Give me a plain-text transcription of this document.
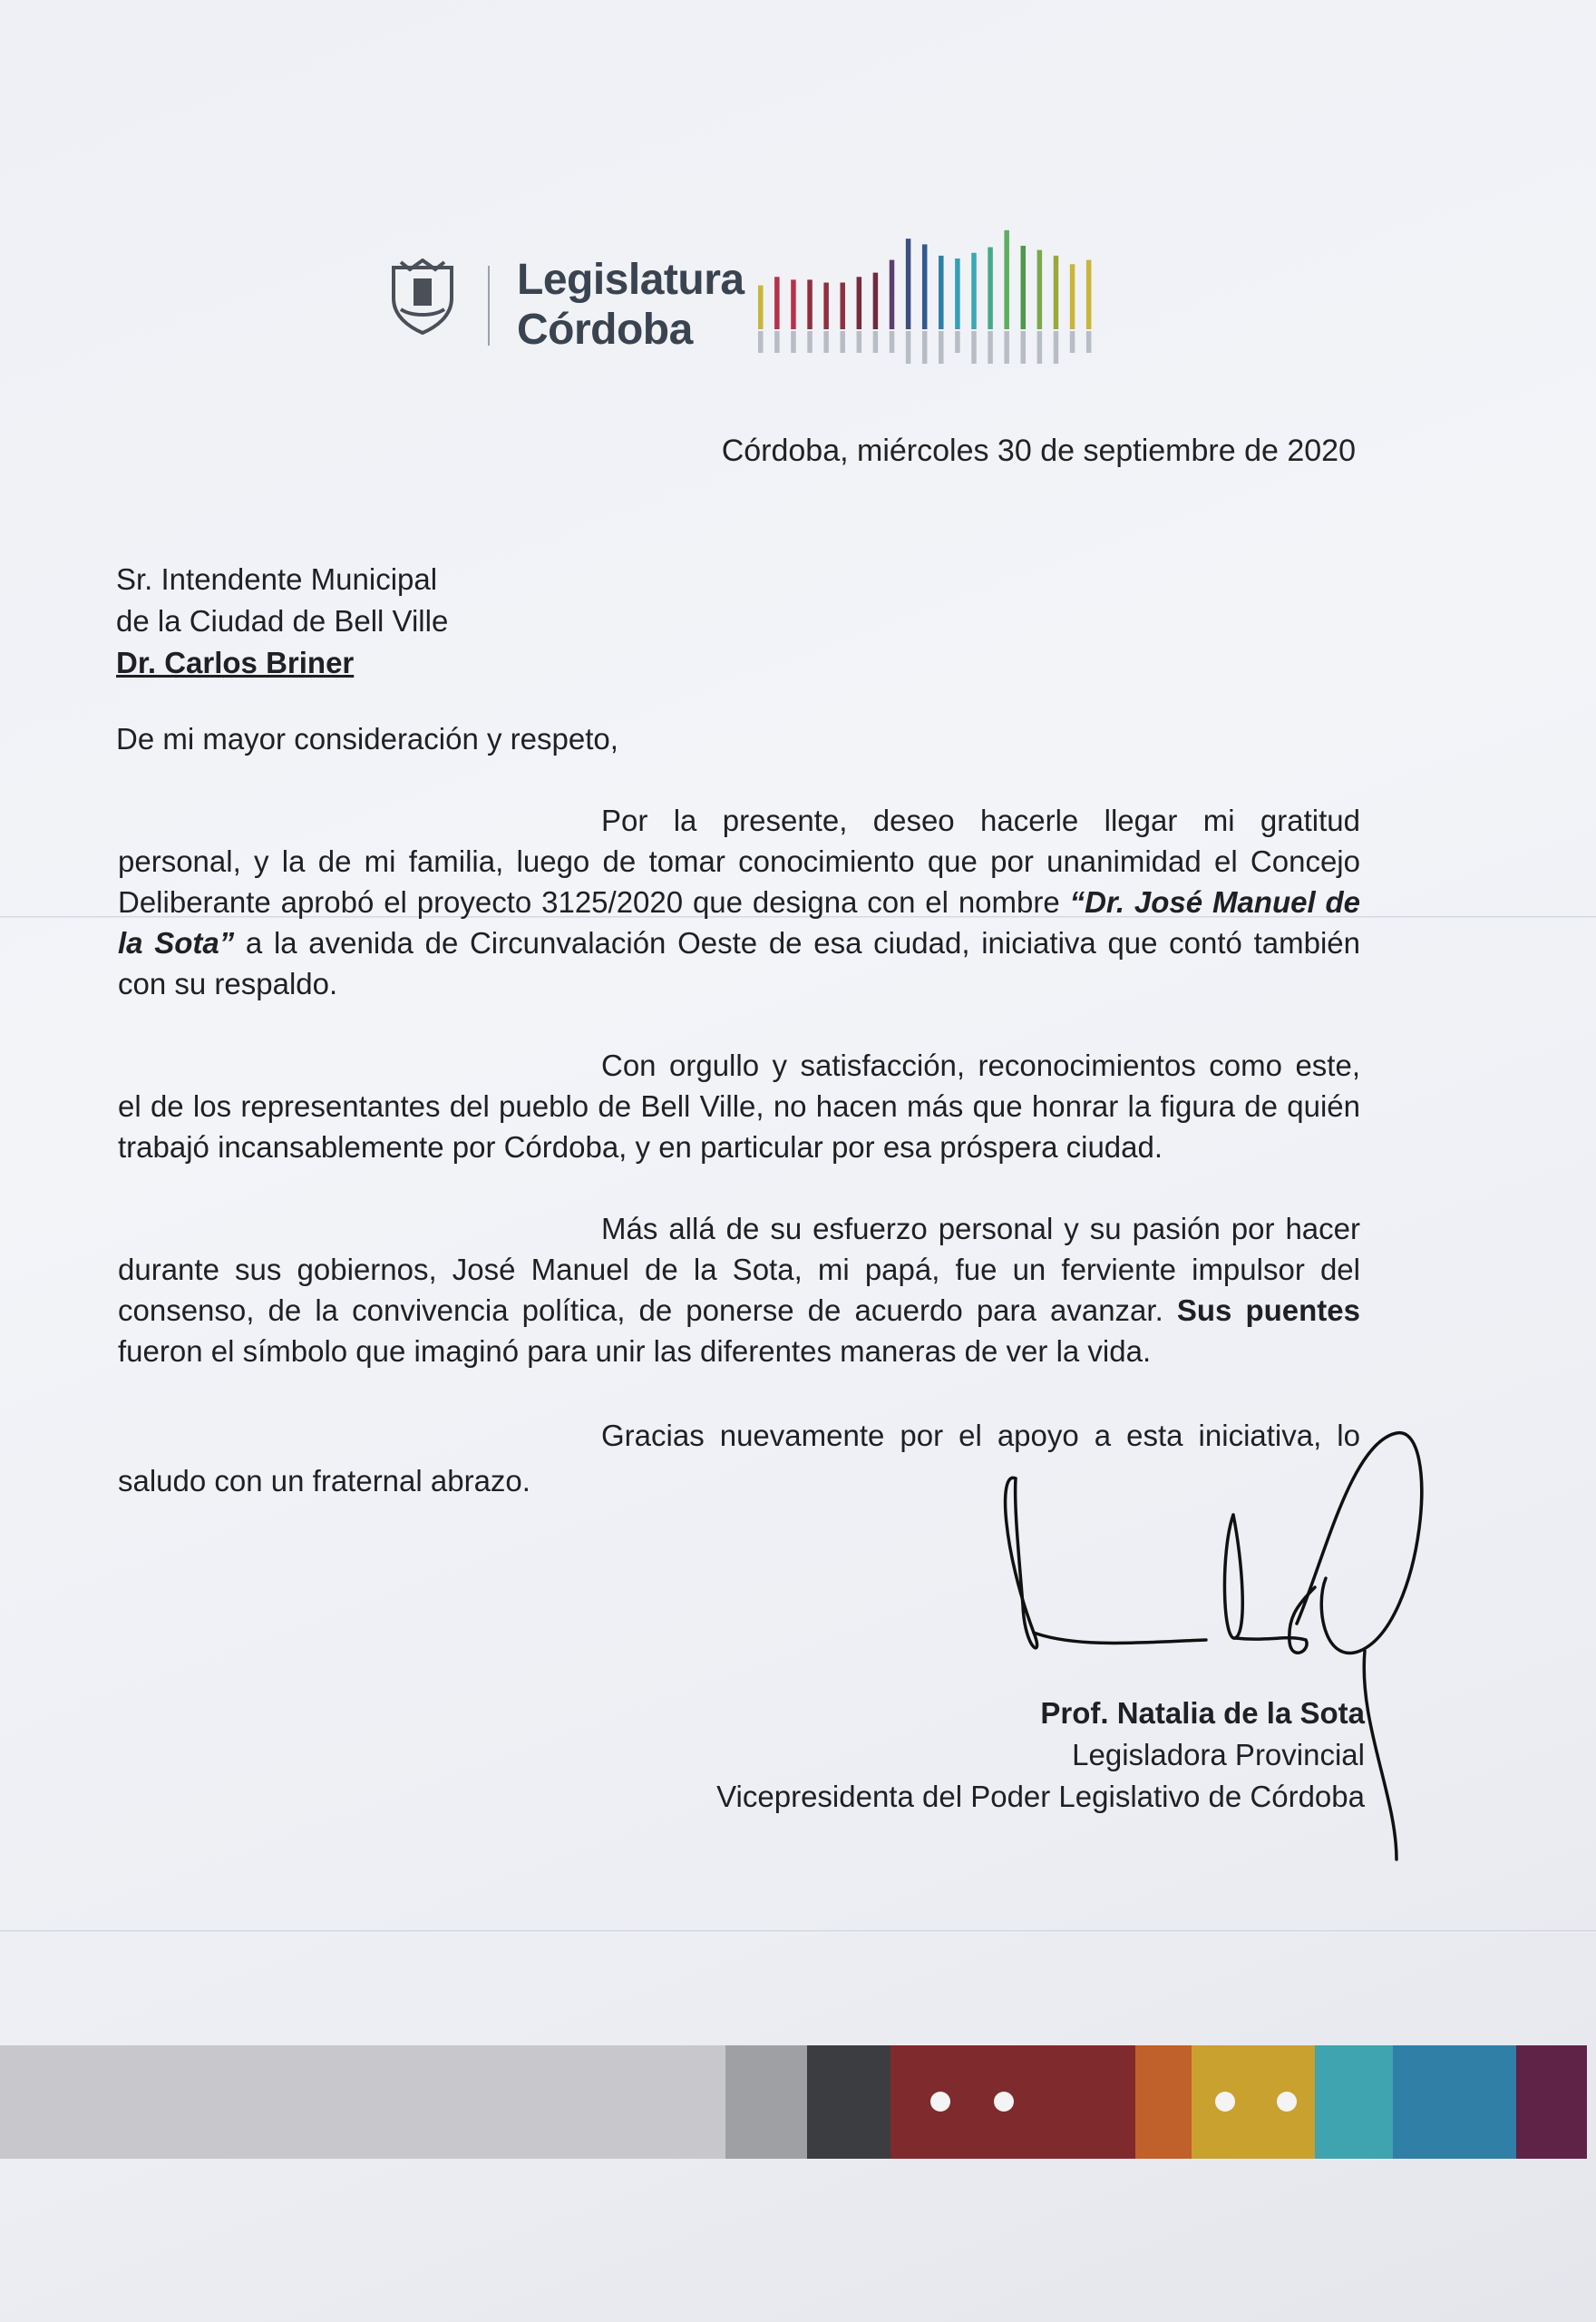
Legislatura
Córdoba
Córdoba, miércoles 30 de septiembre de 2020
Sr. Intendente Municipal
de la Ciudad de Bell Ville
Dr. Carlos Briner
De mi mayor consideración y respeto,
Por la presente, deseo hacerle llegar mi gratitud personal, y la de mi familia, luego de tomar conocimiento que por unanimidad el Concejo Deliberante aprobó el proyecto 3125/2020 que designa con el nombre “Dr. José Manuel de la Sota” a la avenida de Circunvalación Oeste de esa ciudad, iniciativa que contó también con su respaldo.
Con orgullo y satisfacción, reconocimientos como este, el de los representantes del pueblo de Bell Ville, no hacen más que honrar la figura de quién trabajó incansablemente por Córdoba, y en particular por esa próspera ciudad.
Más allá de su esfuerzo personal y su pasión por hacer durante sus gobiernos, José Manuel de la Sota, mi papá, fue un ferviente impulsor del consenso, de la convivencia política, de ponerse de acuerdo para avanzar. Sus puentes fueron el símbolo que imaginó para unir las diferentes maneras de ver la vida.
Gracias nuevamente por el apoyo a esta iniciativa, lo saludo con un fraternal abrazo.
Prof. Natalia de la Sota
Legisladora Provincial
Vicepresidenta del Poder Legislativo de Córdoba
